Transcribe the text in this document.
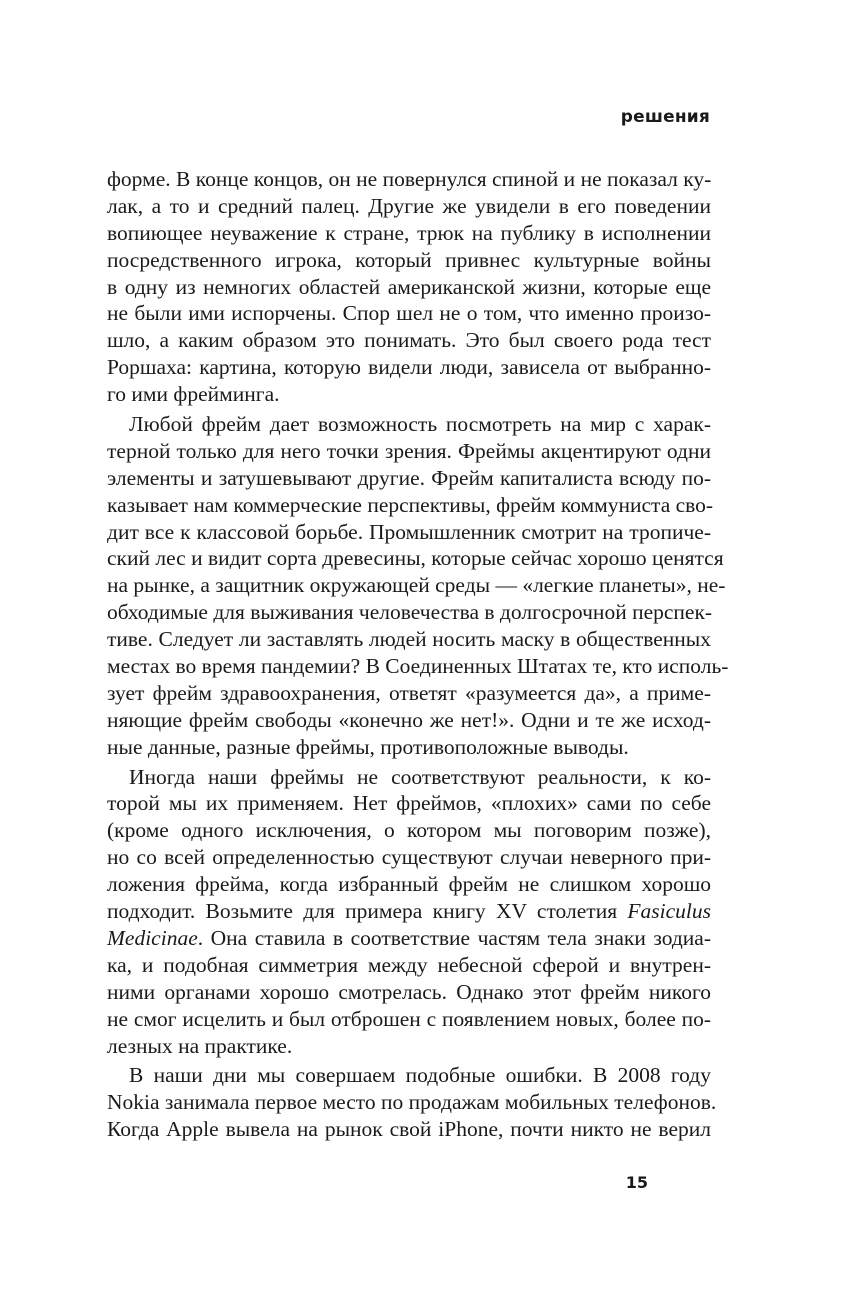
решения
форме. В конце концов, он не повернулся спиной и не показал ку-
лак, а то и средний палец. Другие же увидели в его поведении
вопиющее неуважение к стране, трюк на публику в исполнении
посредственного игрока, который привнес культурные войны
в одну из немногих областей американской жизни, которые еще
не были ими испорчены. Спор шел не о том, что именно произо-
шло, а каким образом это понимать. Это был своего рода тест
Роршаха: картина, которую видели люди, зависела от выбранно-
го ими фрейминга.
Любой фрейм дает возможность посмотреть на мир с харак-
терной только для него точки зрения. Фреймы акцентируют одни
элементы и затушевывают другие. Фрейм капиталиста всюду по-
казывает нам коммерческие перспективы, фрейм коммуниста сво-
дит все к классовой борьбе. Промышленник смотрит на тропиче-
ский лес и видит сорта древесины, которые сейчас хорошо ценятся
на рынке, а защитник окружающей среды — «легкие планеты», не-
обходимые для выживания человечества в долгосрочной перспек-
тиве. Следует ли заставлять людей носить маску в общественных
местах во время пандемии? В Соединенных Штатах те, кто исполь-
зует фрейм здравоохранения, ответят «разумеется да», а приме-
няющие фрейм свободы «конечно же нет!». Одни и те же исход-
ные данные, разные фреймы, противоположные выводы.
Иногда наши фреймы не соответствуют реальности, к ко-
торой мы их применяем. Нет фреймов, «плохих» сами по себе
(кроме одного исключения, о котором мы поговорим позже),
но со всей определенностью существуют случаи неверного при-
ложения фрейма, когда избранный фрейм не слишком хорошо
подходит. Возьмите для примера книгу XV столетия Fasiculus
Medicinae. Она ставила в соответствие частям тела знаки зодиа-
ка, и подобная симметрия между небесной сферой и внутрен-
ними органами хорошо смотрелась. Однако этот фрейм никого
не смог исцелить и был отброшен с появлением новых, более по-
лезных на практике.
В наши дни мы совершаем подобные ошибки. В 2008 году
Nokia занимала первое место по продажам мобильных телефонов.
Когда Apple вывела на рынок свой iPhone, почти никто не верил
15
